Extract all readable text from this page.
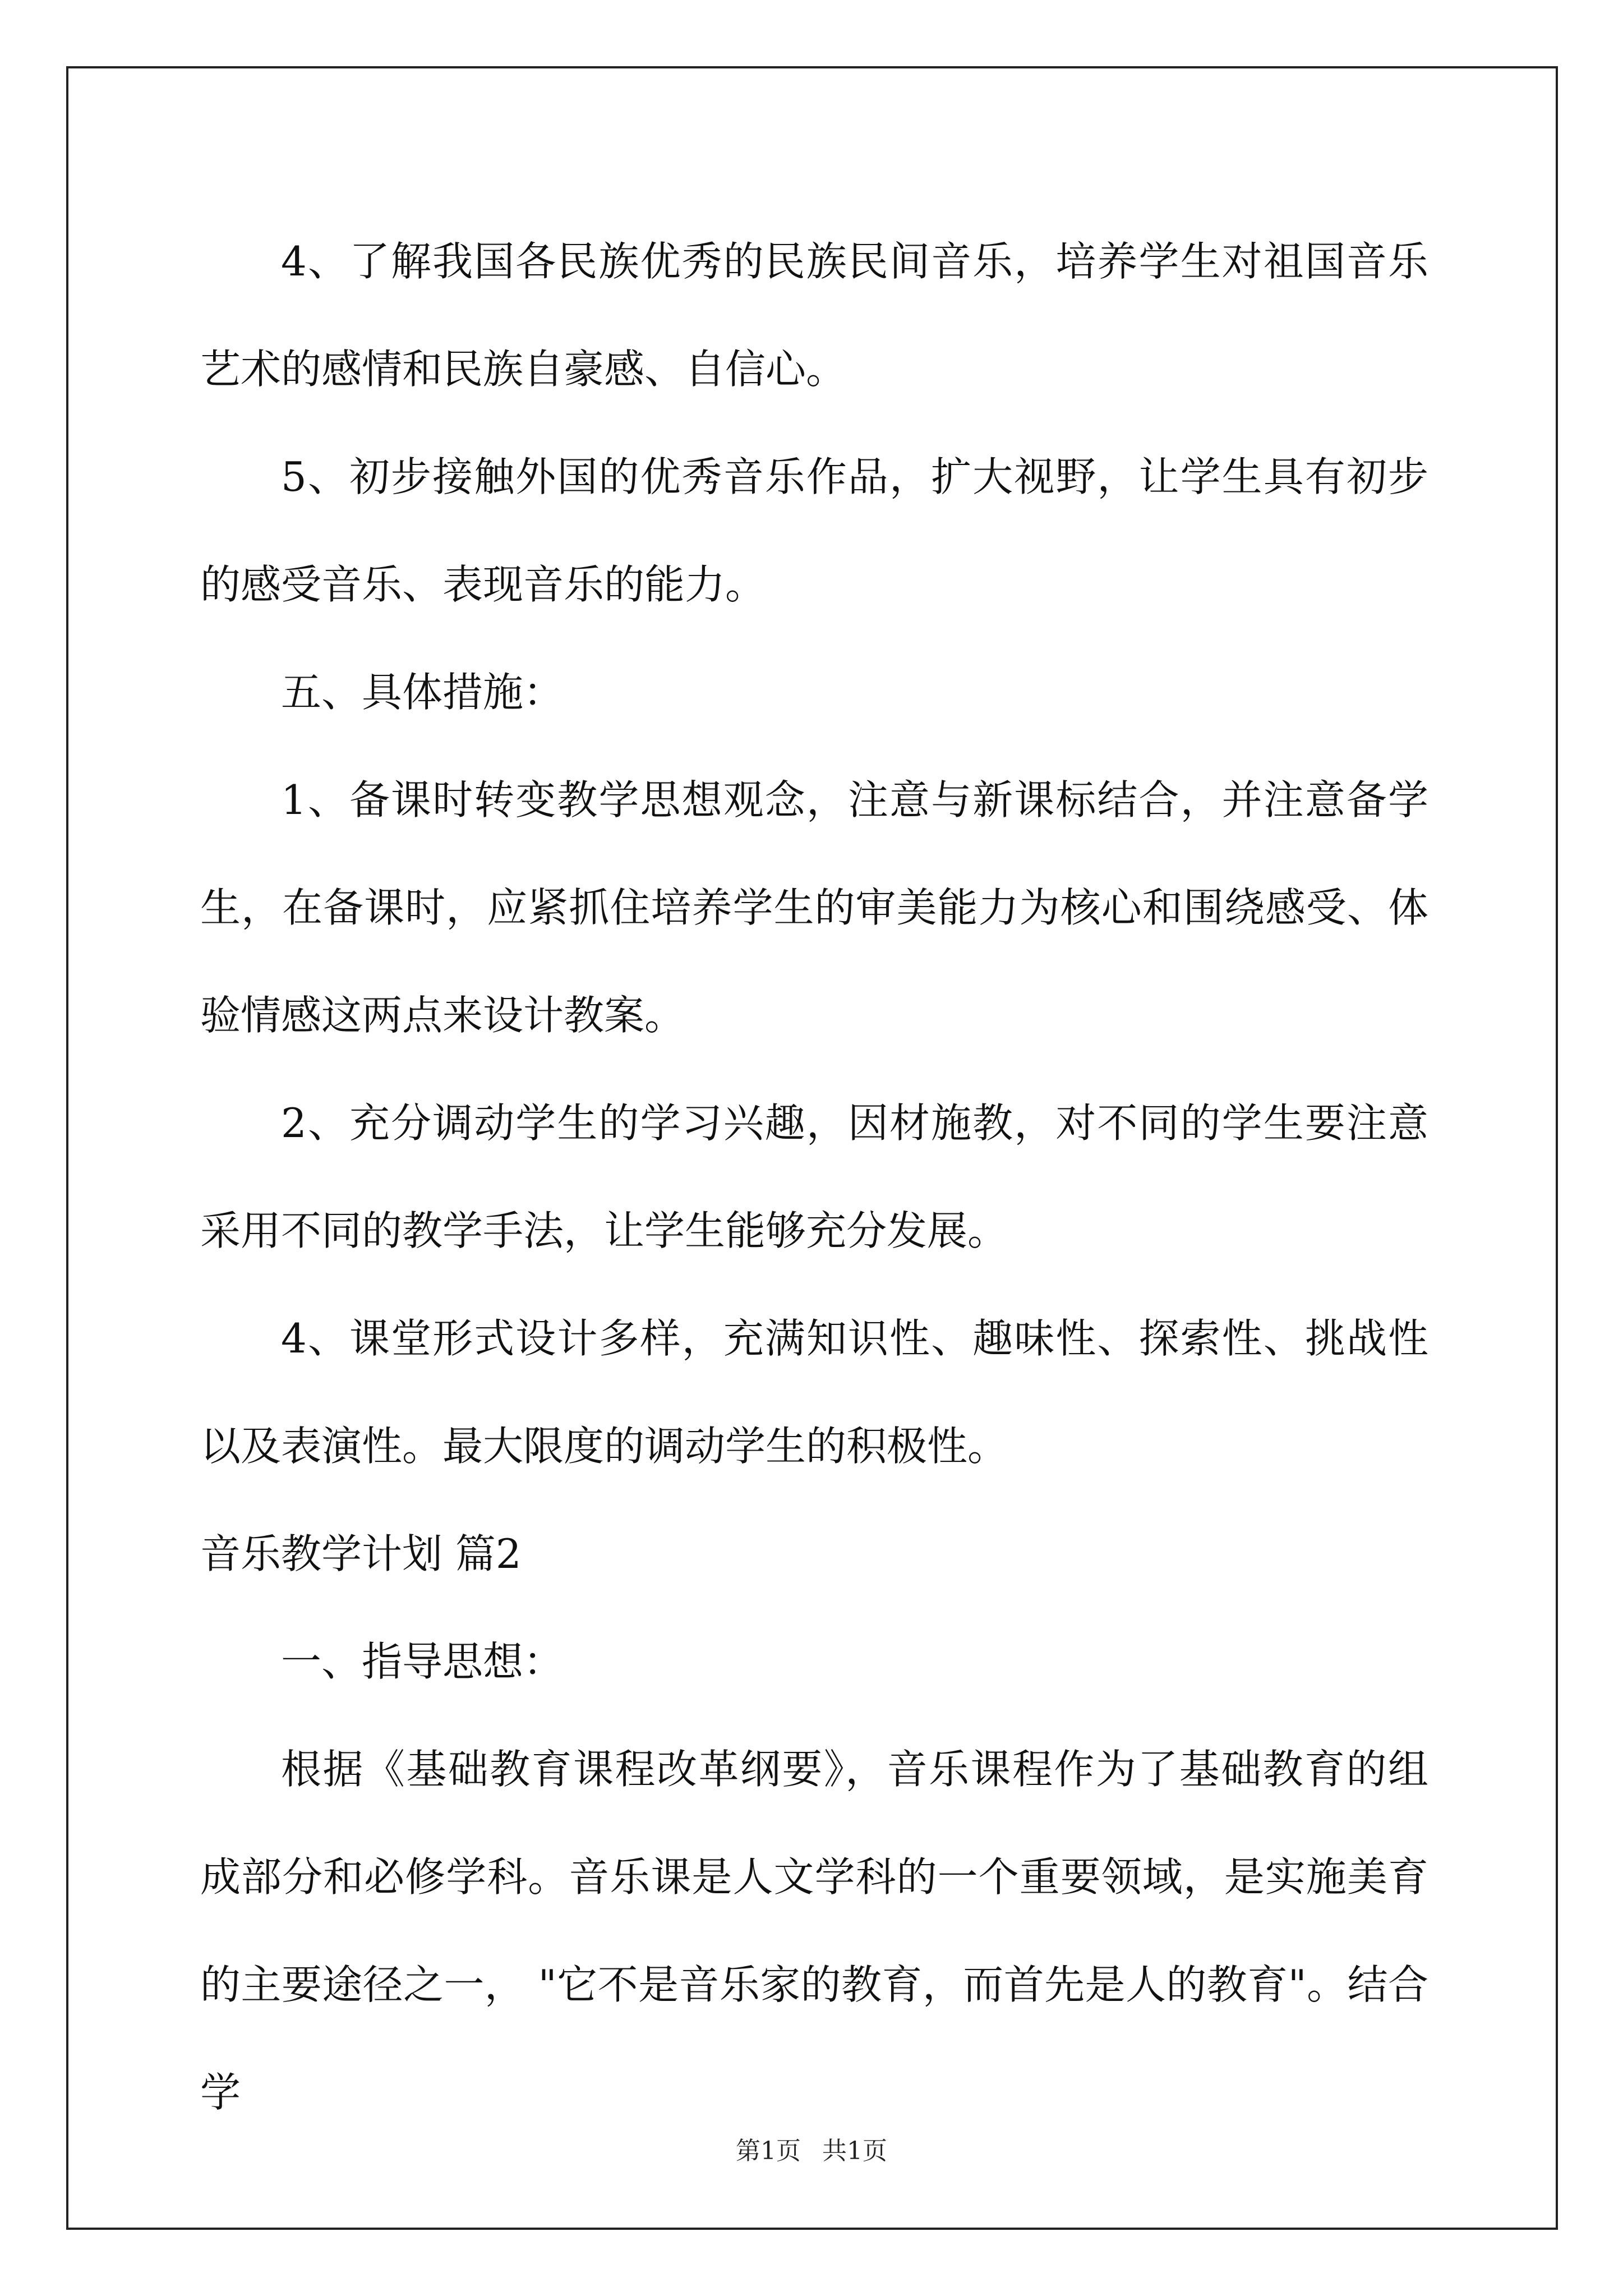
4、了解我国各民族优秀的民族民间音乐，培养学生对祖国音乐艺术的感情和民族自豪感、自信心。

5、初步接触外国的优秀音乐作品，扩大视野，让学生具有初步的感受音乐、表现音乐的能力。

五、具体措施：

1、备课时转变教学思想观念，注意与新课标结合，并注意备学生，在备课时，应紧抓住培养学生的审美能力为核心和围绕感受、体验情感这两点来设计教案。

2、充分调动学生的学习兴趣，因材施教，对不同的学生要注意采用不同的教学手法，让学生能够充分发展。

4、课堂形式设计多样，充满知识性、趣味性、探索性、挑战性以及表演性。最大限度的调动学生的积极性。

音乐教学计划 篇2

一、指导思想：

根据《基础教育课程改革纲要》，音乐课程作为了基础教育的组成部分和必修学科。音乐课是人文学科的一个重要领域，是实施美育的主要途径之一， "它不是音乐家的教育，而首先是人的教育"。结合学

第1页 共1页
